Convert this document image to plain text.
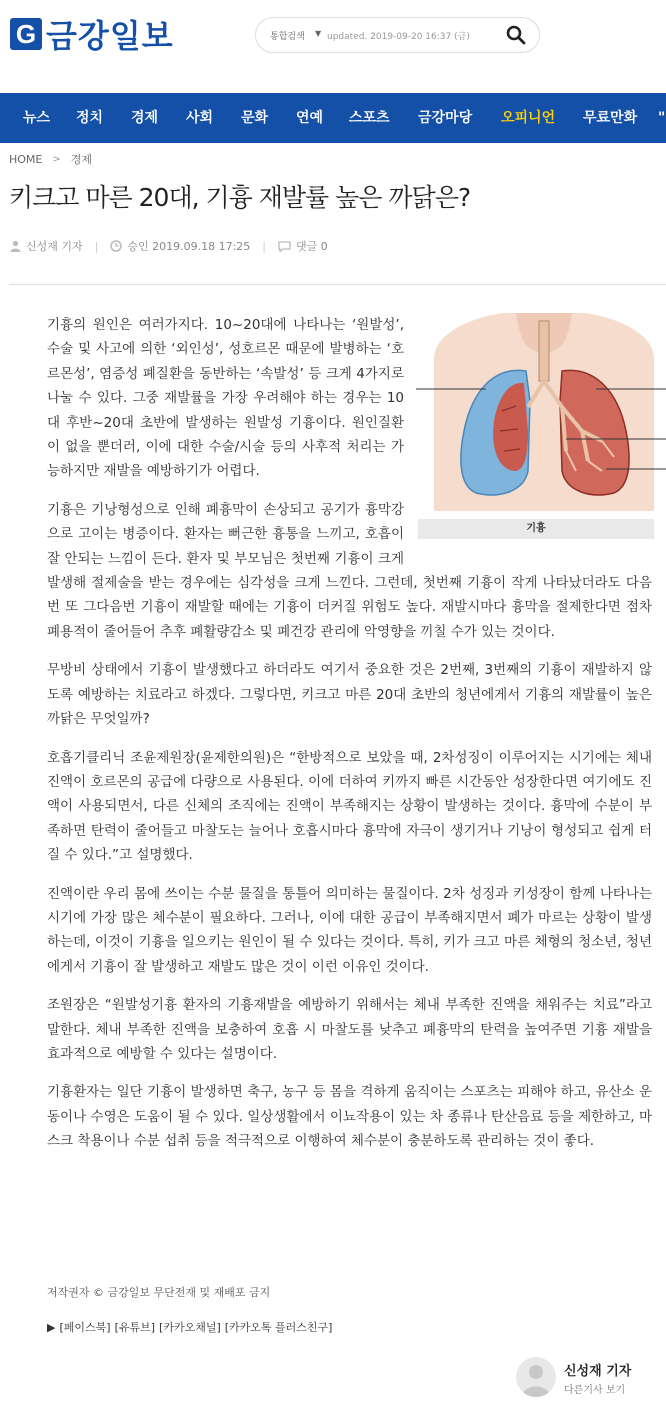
G 금강일보	통합검색 ▼ updated. 2019-09-20 16:37 (금)
뉴스 정치 경제 사회 문화 연예 스포츠 금강마당 오피니언 무료만화 "
HOME > 경제
키크고 마른 20대, 기흉 재발률 높은 까닭은?
신성재 기자 |	승인 2019.09.18 17:25 |	댓글 0
기흉

기흉의 원인은 여러가지다. 10~20대에 나타나는 ‘원발성’, 수술 및 사고에 의한 ‘외인성’, 성호르몬 때문에 발병하는 ‘호르몬성’, 염증성 폐질환을 동반하는 ‘속발성’ 등 크게 4가지로 나눌 수 있다. 그중 재발률을 가장 우려해야 하는 경우는 10대 후반~20대 초반에 발생하는 원발성 기흉이다. 원인질환이 없을 뿐더러, 이에 대한 수술/시술 등의 사후적 처리는 가능하지만 재발을 예방하기가 어렵다.

기흉은 기낭형성으로 인해 폐흉막이 손상되고 공기가 흉막강으로 고이는 병증이다. 환자는 뻐근한 흉통을 느끼고, 호흡이 잘 안되는 느낌이 든다. 환자 및 부모님은 첫번째 기흉이 크게 발생해 절제술을 받는 경우에는 심각성을 크게 느낀다. 그런데, 첫번째 기흉이 작게 나타났더라도 다음번 또 그다음번 기흉이 재발할 때에는 기흉이 더커질 위험도 높다. 재발시마다 흉막을 절제한다면 점차 폐용적이 줄어들어 추후 폐활량감소 및 폐건강 관리에 악영향을 끼칠 수가 있는 것이다.

무방비 상태에서 기흉이 발생했다고 하더라도 여기서 중요한 것은 2번째, 3번째의 기흉이 재발하지 않도록 예방하는 치료라고 하겠다. 그렇다면, 키크고 마른 20대 초반의 청년에게서 기흉의 재발률이 높은 까닭은 무엇일까?

호흡기클리닉 조윤제원장(윤제한의원)은 “한방적으로 보았을 때, 2차성징이 이루어지는 시기에는 체내 진액이 호르몬의 공급에 다량으로 사용된다. 이에 더하여 키까지 빠른 시간동안 성장한다면 여기에도 진액이 사용되면서, 다른 신체의 조직에는 진액이 부족해지는 상황이 발생하는 것이다. 흉막에 수분이 부족하면 탄력이 줄어들고 마찰도는 늘어나 호흡시마다 흉막에 자극이 생기거나 기낭이 형성되고 쉽게 터질 수 있다.”고 설명했다.

진액이란 우리 몸에 쓰이는 수분 물질을 통틀어 의미하는 물질이다. 2차 성징과 키성장이 함께 나타나는 시기에 가장 많은 체수분이 필요하다. 그러나, 이에 대한 공급이 부족해지면서 폐가 마르는 상황이 발생하는데, 이것이 기흉을 일으키는 원인이 될 수 있다는 것이다. 특히, 키가 크고 마른 체형의 청소년, 청년에게서 기흉이 잘 발생하고 재발도 많은 것이 이런 이유인 것이다.

조원장은 “원발성기흉 환자의 기흉재발을 예방하기 위해서는 체내 부족한 진액을 채워주는 치료”라고 말한다. 체내 부족한 진액을 보충하여 호흡 시 마찰도를 낮추고 폐흉막의 탄력을 높여주면 기흉 재발을 효과적으로 예방할 수 있다는 설명이다.

기흉환자는 일단 기흉이 발생하면 축구, 농구 등 몸을 격하게 움직이는 스포츠는 피해야 하고, 유산소 운동이나 수영은 도움이 될 수 있다. 일상생활에서 이뇨작용이 있는 차 종류나 탄산음료 등을 제한하고, 마스크 착용이나 수분 섭취 등을 적극적으로 이행하여 체수분이 충분하도록 관리하는 것이 좋다.

저작권자 © 금강일보 무단전재 및 재배포 금지
▶ [페이스북] [유튜브] [카카오채널] [카카오톡 플러스친구]
신성재 기자
다른기사 보기
